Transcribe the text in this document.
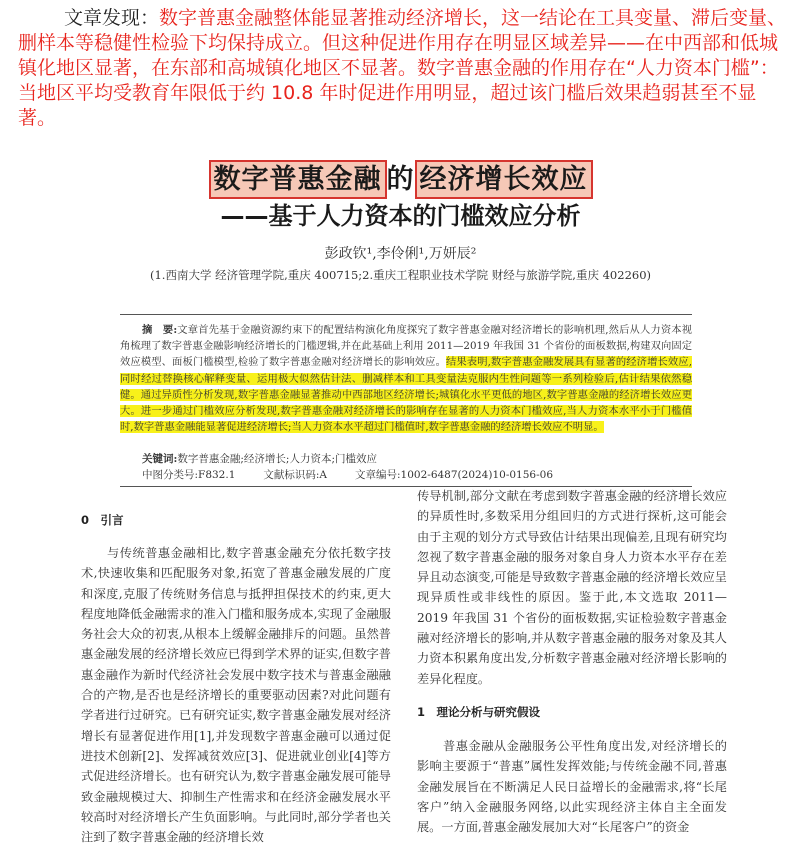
文章发现：数字普惠金融整体能显著推动经济增长，这一结论在工具变量、滞后变量、删样本等稳健性检验下均保持成立。但这种促进作用存在明显区域差异——在中西部和低城镇化地区显著，在东部和高城镇化地区不显著。数字普惠金融的作用存在“人力资本门槛”：当地区平均受教育年限低于约 10.8 年时促进作用明显，超过该门槛后效果趋弱甚至不显著。

数字普惠金融 的 经济增长效应
——基于人力资本的门槛效应分析
彭政钦¹,李伶俐¹,万妍辰²
(1.西南大学 经济管理学院,重庆 400715;2.重庆工程职业技术学院 财经与旅游学院,重庆 402260)

摘　要:文章首先基于金融资源约束下的配置结构演化角度探究了数字普惠金融对经济增长的影响机理,然后从人力资本视角梳理了数字普惠金融影响经济增长的门槛逻辑,并在此基础上利用 2011—2019 年我国 31 个省份的面板数据,构建双向固定效应模型、面板门槛模型,检验了数字普惠金融对经济增长的影响效应。结果表明,数字普惠金融发展具有显著的经济增长效应,同时经过替换核心解释变量、运用极大似然估计法、删减样本和工具变量法克服内生性问题等一系列检验后,估计结果依然稳健。通过异质性分析发现,数字普惠金融显著推动中西部地区经济增长;城镇化水平更低的地区,数字普惠金融的经济增长效应更大。进一步通过门槛效应分析发现,数字普惠金融对经济增长的影响存在显著的人力资本门槛效应,当人力资本水平小于门槛值时,数字普惠金融能显著促进经济增长;当人力资本水平超过门槛值时,数字普惠金融的经济增长效应不明显。

关键词:数字普惠金融;经济增长;人力资本;门槛效应
中图分类号:F832.1	文献标识码:A	文章编号:1002-6487(2024)10-0156-06
0　引言

与传统普惠金融相比,数字普惠金融充分依托数字技术,快速收集和匹配服务对象,拓宽了普惠金融发展的广度和深度,克服了传统财务信息与抵押担保技术的约束,更大程度地降低金融需求的准入门槛和服务成本,实现了金融服务社会大众的初衷,从根本上缓解金融排斥的问题。虽然普惠金融发展的经济增长效应已得到学术界的证实,但数字普惠金融作为新时代经济社会发展中数字技术与普惠金融融合的产物,是否也是经济增长的重要驱动因素?对此问题有学者进行过研究。已有研究证实,数字普惠金融发展对经济增长有显著促进作用[1],并发现数字普惠金融可以通过促进技术创新[2]、发挥减贫效应[3]、促进就业创业[4]等方式促进经济增长。也有研究认为,数字普惠金融发展可能导致金融规模过大、抑制生产性需求和在经济金融发展水平较高时对经济增长产生负面影响。与此同时,部分学者也关注到了数字普惠金融的经济增长效

传导机制,部分文献在考虑到数字普惠金融的经济增长效应的异质性时,多数采用分组回归的方式进行探析,这可能会由于主观的划分方式导致估计结果出现偏差,且现有研究均忽视了数字普惠金融的服务对象自身人力资本水平存在差异且动态演变,可能是导致数字普惠金融的经济增长效应呈现异质性或非线性的原因。鉴于此,本文选取 2011—2019 年我国 31 个省份的面板数据,实证检验数字普惠金融对经济增长的影响,并从数字普惠金融的服务对象及其人力资本积累角度出发,分析数字普惠金融对经济增长影响的差异化程度。

1　理论分析与研究假设

普惠金融从金融服务公平性角度出发,对经济增长的影响主要源于“普惠”属性发挥效能;与传统金融不同,普惠金融发展旨在不断满足人民日益增长的金融需求,将“长尾客户”纳入金融服务网络,以此实现经济主体自主全面发展。一方面,普惠金融发展加大对“长尾客户”的资金
